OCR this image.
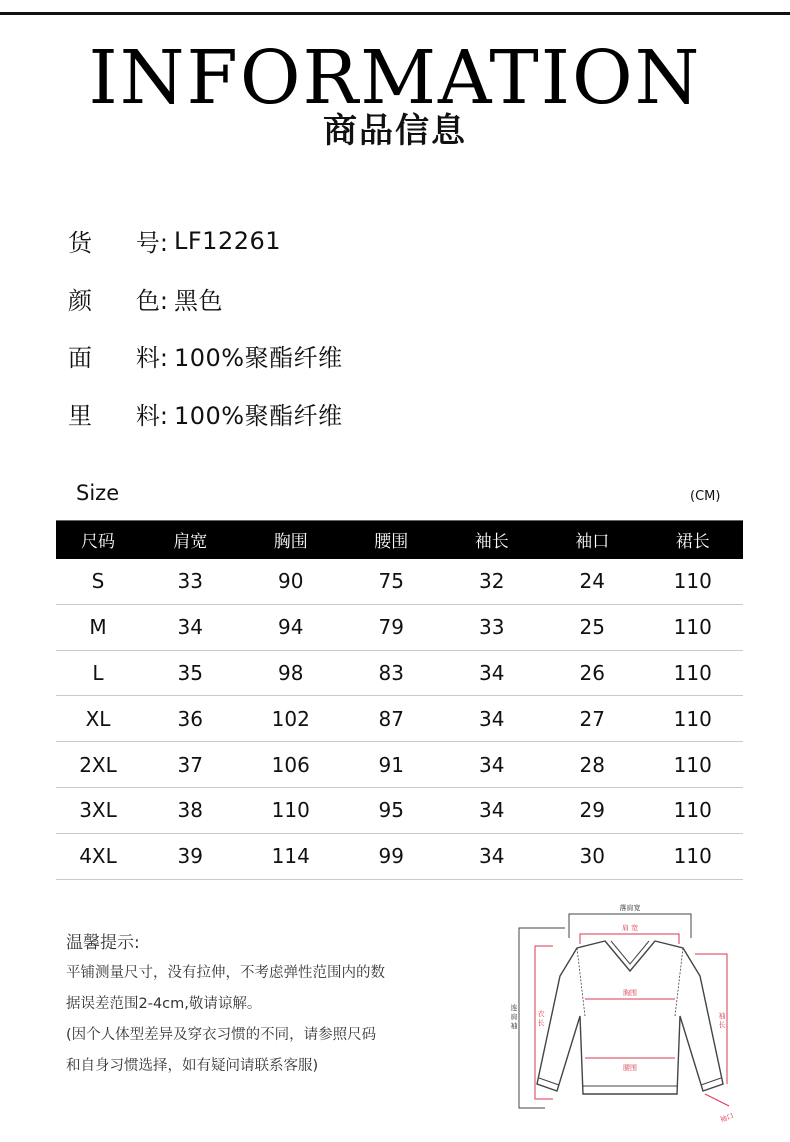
INFORMATION
商品信息
货 号: LF12261
颜 色: 黑色
面 料: 100%聚酯纤维
里 料: 100%聚酯纤维
Size	(CM)
尺码	肩宽	胸围	腰围	袖长	袖口	裙长
S	33	90	75	32	24	110
M	34	94	79	33	25	110
L	35	98	83	34	26	110
XL	36	102	87	34	27	110
2XL	37	106	91	34	28	110
3XL	38	110	95	34	29	110
4XL	39	114	99	34	30	110
温馨提示:
平铺测量尺寸，没有拉伸，不考虑弹性范围内的数
据误差范围2-4cm,敬请谅解。
(因个人体型差异及穿衣习惯的不同，请参照尺码
和自身习惯选择，如有疑问请联系客服)
落肩宽
肩 宽
连肩袖
衣长
袖长
胸围
腰围
袖口
